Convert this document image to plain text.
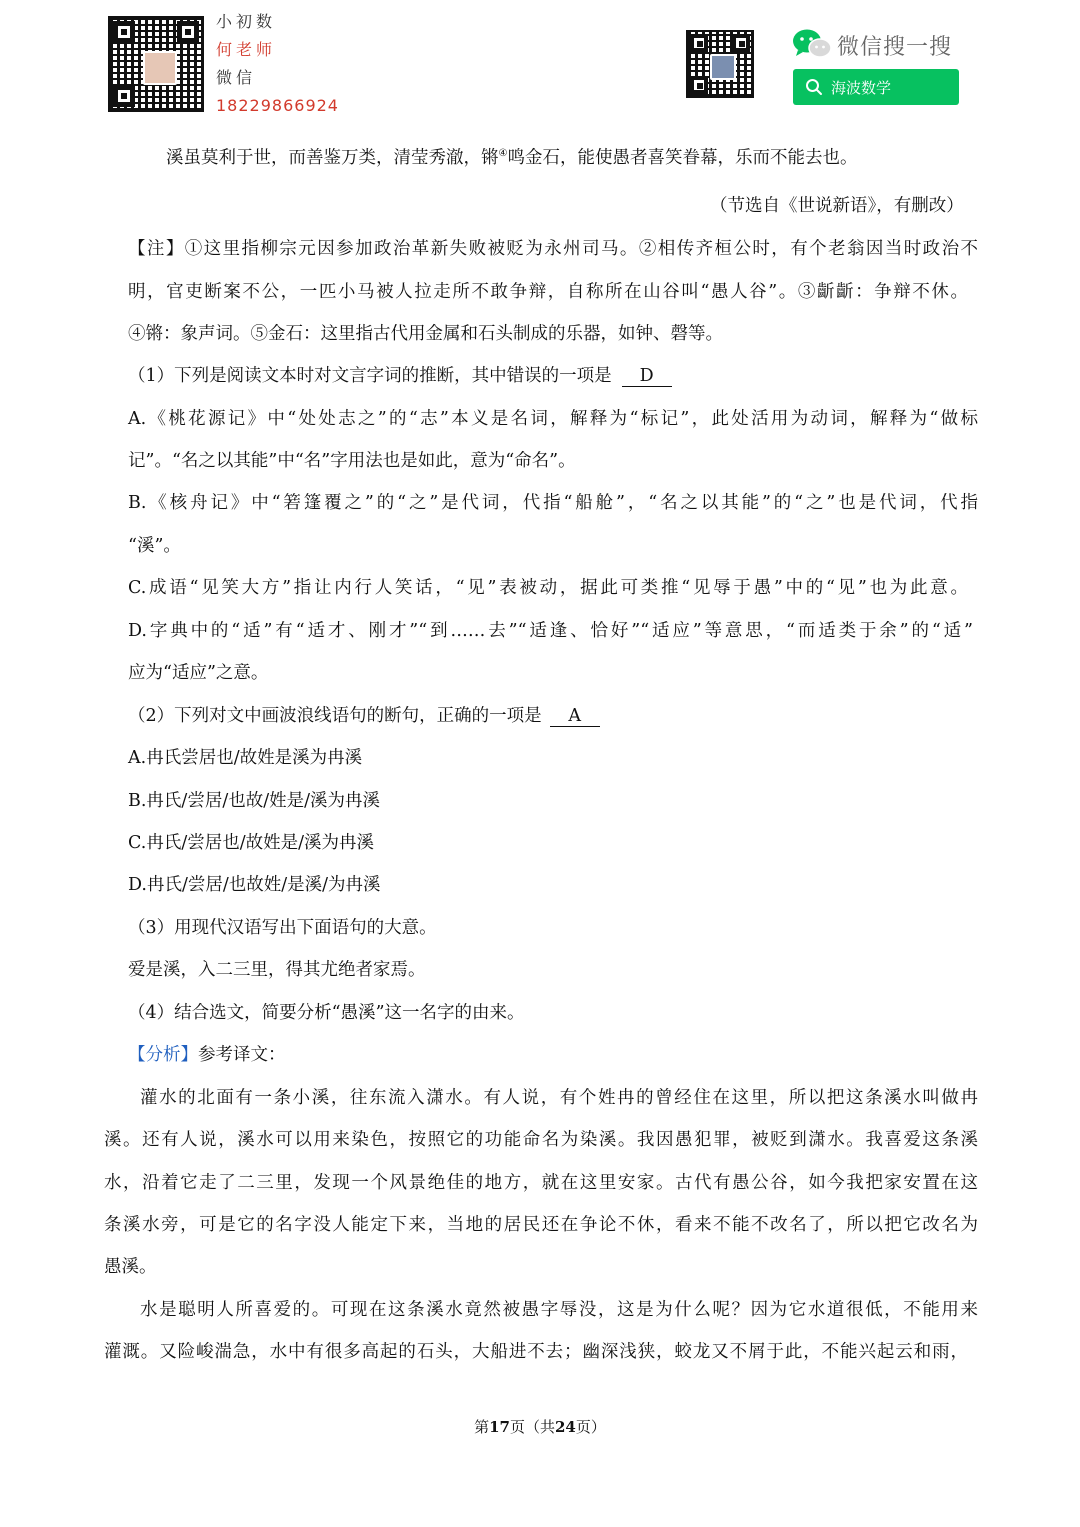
小初数
何老师
微信
18229866924
微信搜一搜
海波数学
溪虽莫利于世，而善鉴万类，清莹秀澈，锵④鸣金石，能使愚者喜笑眷幕，乐而不能去也。
（节选自《世说新语》，有删改）
【注】①这里指柳宗元因参加政治革新失败被贬为永州司马。②相传齐桓公时，有个老翁因当时政治不
明，官吏断案不公，一匹小马被人拉走所不敢争辩，自称所在山谷叫“愚人谷”。③齗齗：争辩不休。
④锵：象声词。⑤金石：这里指古代用金属和石头制成的乐器，如钟、磬等。
（1）下列是阅读文本时对文言字词的推断，其中错误的一项是 D
A.《桃花源记》中“处处志之”的“志”本义是名词，解释为“标记”，此处活用为动词，解释为“做标
记”。“名之以其能”中“名”字用法也是如此，意为“命名”。
B.《核舟记》中“箬篷覆之”的“之”是代词，代指“船舱”，“名之以其能”的“之”也是代词，代指
“溪”。
C.成语“见笑大方”指让内行人笑话，“见”表被动，据此可类推“见辱于愚”中的“见”也为此意。
D.字典中的“适”有“适才、刚才”“到……去”“适逢、恰好”“适应”等意思，“而适类于余”的“适”
应为“适应”之意。
（2）下列对文中画波浪线语句的断句，正确的一项是 A
A.冉氏尝居也/故姓是溪为冉溪
B.冉氏/尝居/也故/姓是/溪为冉溪
C.冉氏/尝居也/故姓是/溪为冉溪
D.冉氏/尝居/也故姓/是溪/为冉溪
（3）用现代汉语写出下面语句的大意。
爱是溪，入二三里，得其尤绝者家焉。
（4）结合选文，简要分析“愚溪”这一名字的由来。
【分析】参考译文：
灌水的北面有一条小溪，往东流入潇水。有人说，有个姓冉的曾经住在这里，所以把这条溪水叫做冉
溪。还有人说，溪水可以用来染色，按照它的功能命名为染溪。我因愚犯罪，被贬到潇水。我喜爱这条溪
水，沿着它走了二三里，发现一个风景绝佳的地方，就在这里安家。古代有愚公谷，如今我把家安置在这
条溪水旁，可是它的名字没人能定下来，当地的居民还在争论不休，看来不能不改名了，所以把它改名为
愚溪。
水是聪明人所喜爱的。可现在这条溪水竟然被愚字辱没，这是为什么呢？因为它水道很低，不能用来
灌溉。又险峻湍急，水中有很多高起的石头，大船进不去；幽深浅狭，蛟龙又不屑于此，不能兴起云和雨，
第17页（共24页）
